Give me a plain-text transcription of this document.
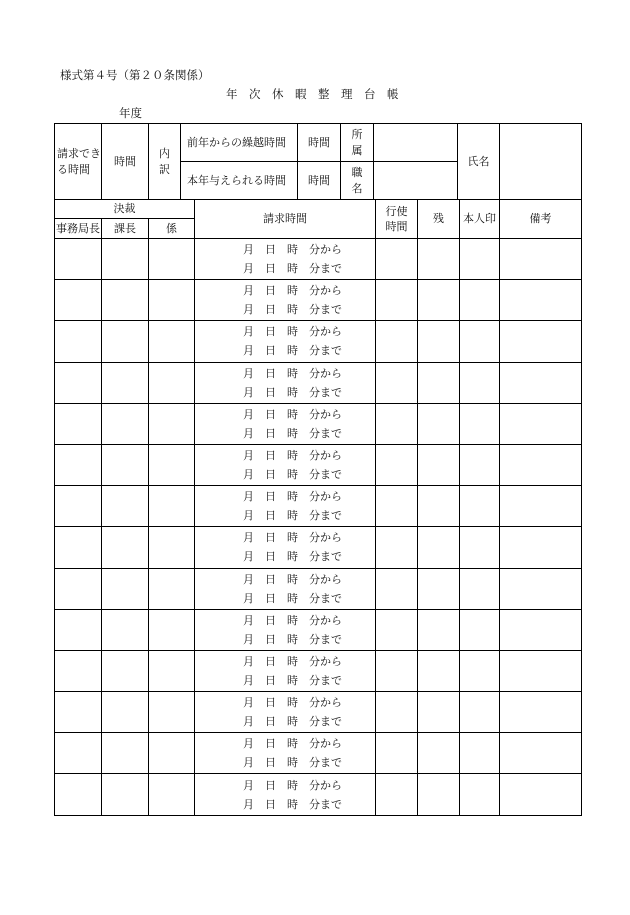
様式第４号（第２０条関係）
年　次　休　暇　整　理　台　帳
年度
請求できる時間	時間	内訳	前年からの繰越時間	時間	所属		氏名	
			本年与えられる時間	時間	職名			
決裁			請求時間	行使時間	残	本人印	備考
事務局長	課長	係					

			月　日　時　分から
月　日　時　分まで				

			月　日　時　分から
月　日　時　分まで				

			月　日　時　分から
月　日　時　分まで				

			月　日　時　分から
月　日　時　分まで				

			月　日　時　分から
月　日　時　分まで				

			月　日　時　分から
月　日　時　分まで				

			月　日　時　分から
月　日　時　分まで				

			月　日　時　分から
月　日　時　分まで				

			月　日　時　分から
月　日　時　分まで				

			月　日　時　分から
月　日　時　分まで				

			月　日　時　分から
月　日　時　分まで				

			月　日　時　分から
月　日　時　分まで				

			月　日　時　分から
月　日　時　分まで				

			月　日　時　分から
月　日　時　分まで				
